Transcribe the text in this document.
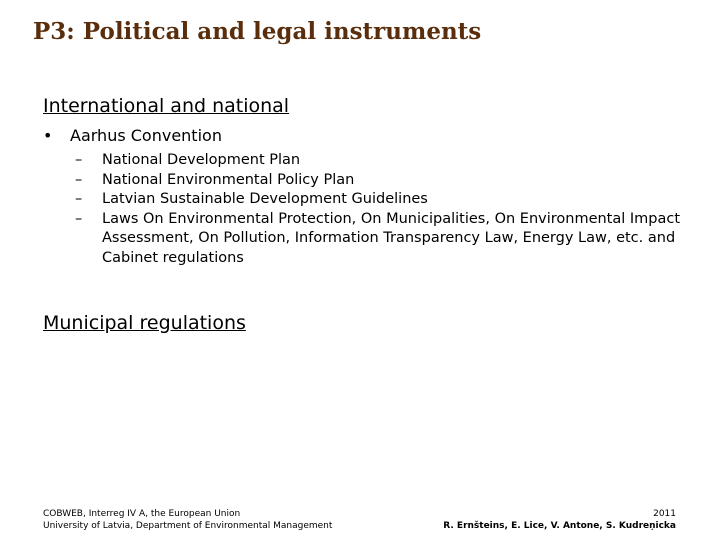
P3: Political and legal instruments
International and national
• Aarhus Convention
– National Development Plan
– National Environmental Policy Plan
– Latvian Sustainable Development Guidelines
– Laws On Environmental Protection, On Municipalities, On Environmental Impact Assessment, On Pollution, Information Transparency Law, Energy Law, etc. and Cabinet regulations
Municipal regulations
COBWEB, Interreg IV A, the European Union
University of Latvia, Department of Environmental Management
2011
R. Ernšteins, E. Lice, V. Antone, S. Kudreņicka
